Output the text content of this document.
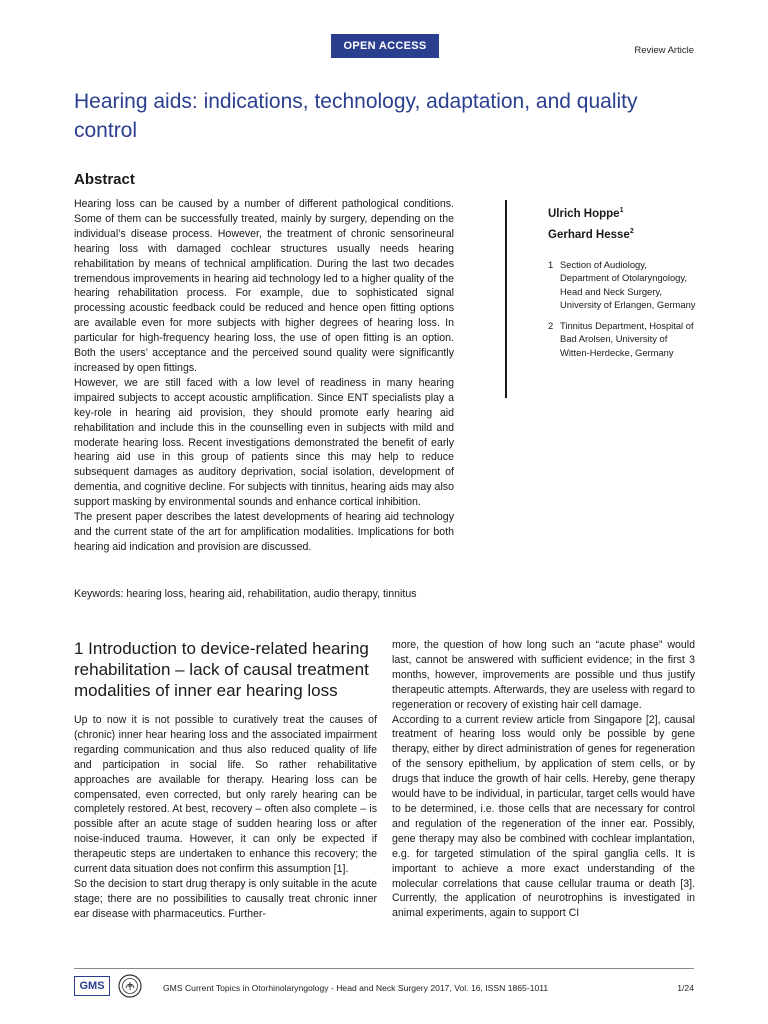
OPEN ACCESS	Review Article
Hearing aids: indications, technology, adaptation, and quality control
Abstract

Hearing loss can be caused by a number of different pathological conditions. Some of them can be successfully treated, mainly by surgery, depending on the individual’s disease process. However, the treatment of chronic sensorineural hearing loss with damaged cochlear structures usually needs hearing rehabilitation by means of technical amplification. During the last two decades tremendous improvements in hearing aid technology led to a higher quality of the hearing rehabilitation process. For example, due to sophisticated signal processing acoustic feedback could be reduced and hence open fitting options are available even for more subjects with higher degrees of hearing loss. In particular for high-frequency hearing loss, the use of open fitting is an option. Both the users’ acceptance and the perceived sound quality were significantly increased by open fittings.

However, we are still faced with a low level of readiness in many hearing impaired subjects to accept acoustic amplification. Since ENT specialists play a key-role in hearing aid provision, they should promote early hearing aid rehabilitation and include this in the counselling even in subjects with mild and moderate hearing loss. Recent investigations demonstrated the benefit of early hearing aid use in this group of patients since this may help to reduce subsequent damages as auditory deprivation, social isolation, development of dementia, and cognitive decline. For subjects with tinnitus, hearing aids may also support masking by environmental sounds and enhance cortical inhibition.

The present paper describes the latest developments of hearing aid technology and the current state of the art for amplification modalities. Implications for both hearing aid indication and provision are discussed.

Keywords: hearing loss, hearing aid, rehabilitation, audio therapy, tinnitus
Ulrich Hoppe$^1$
Gerhard Hesse$^2$
1 Section of Audiology, Department of Otolaryngology, Head and Neck Surgery, University of Erlangen, Germany
2 Tinnitus Department, Hospital of Bad Arolsen, University of Witten-Herdecke, Germany
1 Introduction to device-related hearing rehabilitation – lack of causal treatment modalities of inner ear hearing loss

Up to now it is not possible to curatively treat the causes of (chronic) inner hear hearing loss and the associated impairment regarding communication and thus also reduced quality of life and participation in social life. So rather rehabilitative approaches are available for therapy. Hearing loss can be compensated, even corrected, but only rarely hearing can be completely restored. At best, recovery – often also complete – is possible after an acute stage of sudden hearing loss or after noise-induced trauma. However, it can only be expected if therapeutic steps are undertaken to enhance this recovery; the current data situation does not confirm this assumption [1].

So the decision to start drug therapy is only suitable in the acute stage; there are no possibilities to causally treat chronic inner ear disease with pharmaceutics. Further-

more, the question of how long such an “acute phase” would last, cannot be answered with sufficient evidence; in the first 3 months, however, improvements are possible und thus justify therapeutic attempts. Afterwards, they are useless with regard to regeneration or recovery of existing hair cell damage.

According to a current review article from Singapore [2], causal treatment of hearing loss would only be possible by gene therapy, either by direct administration of genes for regeneration of the sensory epithelium, by application of stem cells, or by drugs that induce the growth of hair cells. Hereby, gene therapy would have to be individual, in particular, target cells would have to be determined, i.e. those cells that are necessary for control and regulation of the regeneration of the inner ear. Possibly, gene therapy may also be combined with cochlear implantation, e.g. for targeted stimulation of the spiral ganglia cells. It is important to achieve a more exact understanding of the molecular correlations that cause cellular trauma or death [3]. Currently, the application of neurotrophins is investigated in animal experiments, again to support CI

GMS	GMS Current Topics in Otorhinolaryngology - Head and Neck Surgery 2017, Vol. 16, ISSN 1865-1011	1/24
